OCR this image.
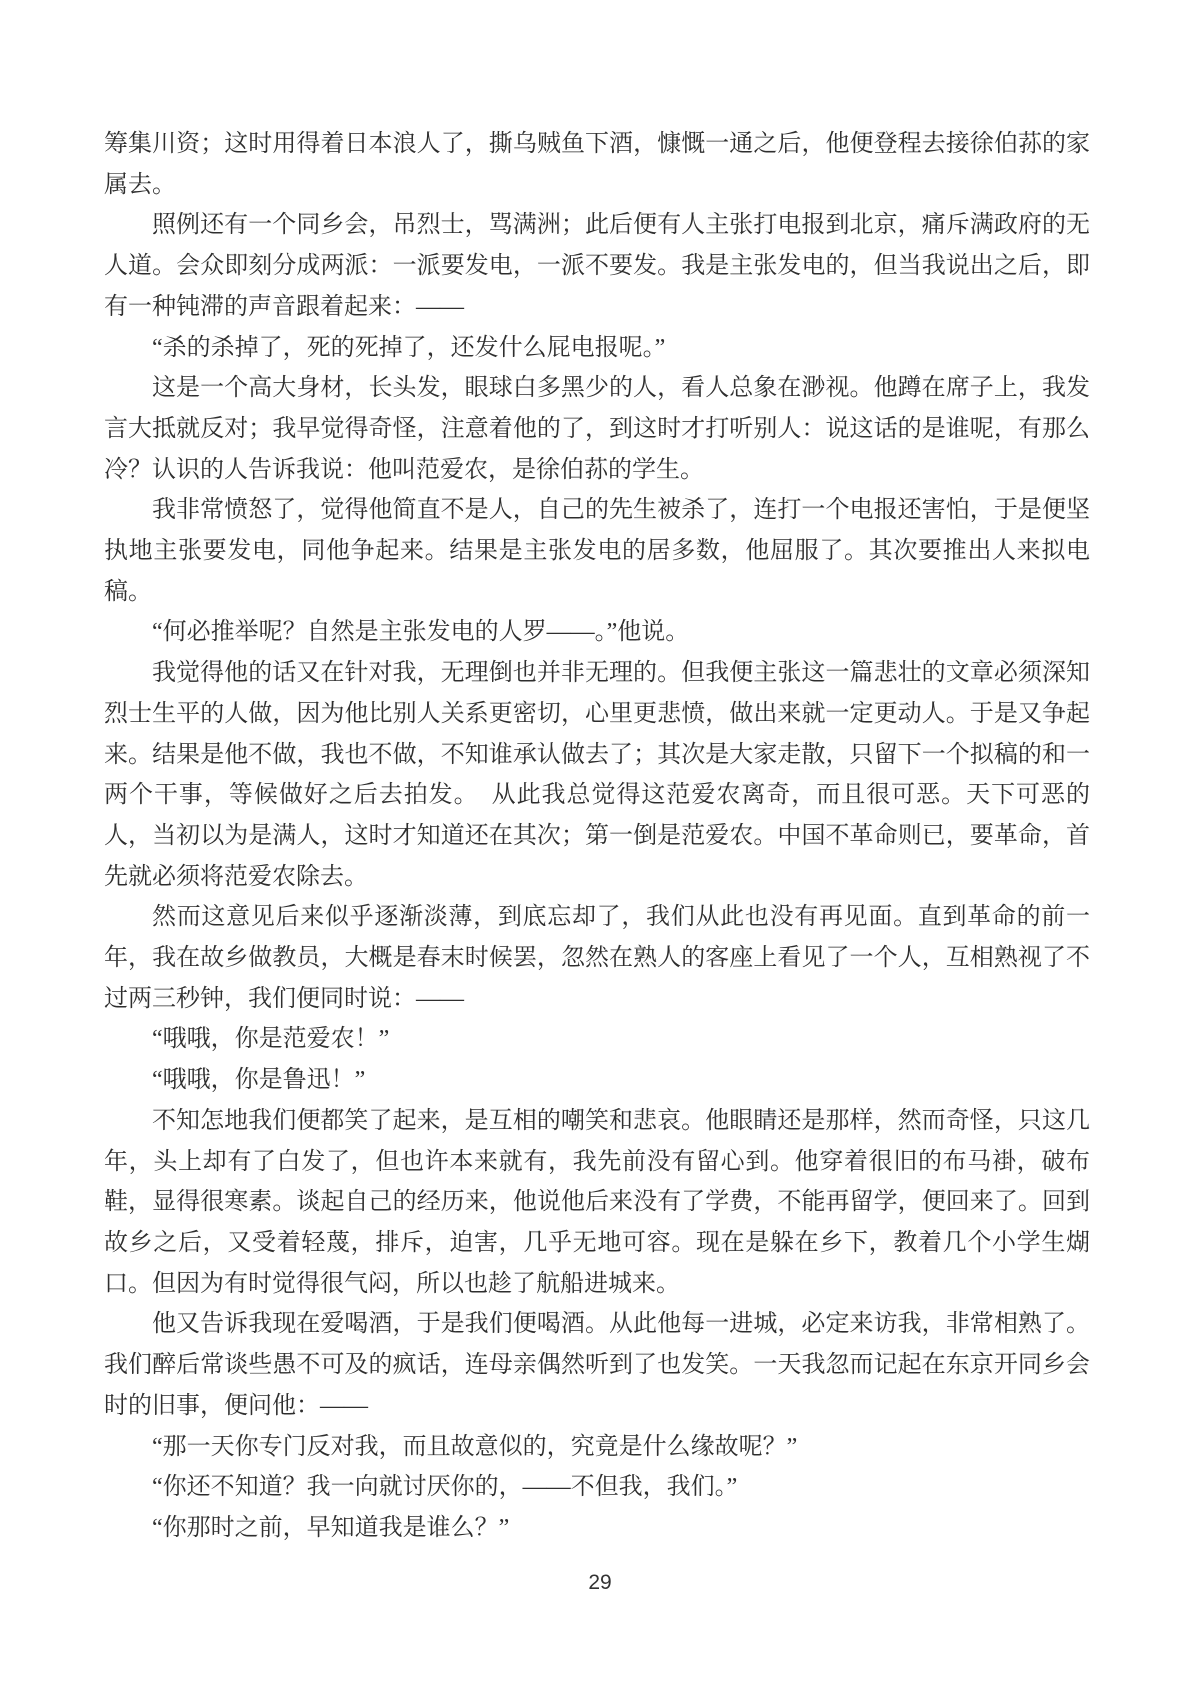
筹集川资；这时用得着日本浪人了，撕乌贼鱼下酒，慷慨一通之后，他便登程去接徐伯荪的家属去。

照例还有一个同乡会，吊烈士，骂满洲；此后便有人主张打电报到北京，痛斥满政府的无人道。会众即刻分成两派：一派要发电，一派不要发。我是主张发电的，但当我说出之后，即有一种钝滞的声音跟着起来：——

“杀的杀掉了，死的死掉了，还发什么屁电报呢。”

这是一个高大身材，长头发，眼球白多黑少的人，看人总象在渺视。他蹲在席子上，我发言大抵就反对；我早觉得奇怪，注意着他的了，到这时才打听别人：说这话的是谁呢，有那么冷？认识的人告诉我说：他叫范爱农，是徐伯荪的学生。

我非常愤怒了，觉得他简直不是人，自己的先生被杀了，连打一个电报还害怕，于是便坚执地主张要发电，同他争起来。结果是主张发电的居多数，他屈服了。其次要推出人来拟电稿。

“何必推举呢？自然是主张发电的人罗——。”他说。

我觉得他的话又在针对我，无理倒也并非无理的。但我便主张这一篇悲壮的文章必须深知烈士生平的人做，因为他比别人关系更密切，心里更悲愤，做出来就一定更动人。于是又争起来。结果是他不做，我也不做，不知谁承认做去了；其次是大家走散，只留下一个拟稿的和一两个干事，等候做好之后去拍发。　从此我总觉得这范爱农离奇，而且很可恶。天下可恶的人，当初以为是满人，这时才知道还在其次；第一倒是范爱农。中国不革命则已，要革命，首先就必须将范爱农除去。

然而这意见后来似乎逐渐淡薄，到底忘却了，我们从此也没有再见面。直到革命的前一年，我在故乡做教员，大概是春末时候罢，忽然在熟人的客座上看见了一个人，互相熟视了不过两三秒钟，我们便同时说：——

“哦哦，你是范爱农！”

“哦哦，你是鲁迅！”

不知怎地我们便都笑了起来，是互相的嘲笑和悲哀。他眼睛还是那样，然而奇怪，只这几年，头上却有了白发了，但也许本来就有，我先前没有留心到。他穿着很旧的布马褂，破布鞋，显得很寒素。谈起自己的经历来，他说他后来没有了学费，不能再留学，便回来了。回到故乡之后，又受着轻蔑，排斥，迫害，几乎无地可容。现在是躲在乡下，教着几个小学生煳口。但因为有时觉得很气闷，所以也趁了航船进城来。

他又告诉我现在爱喝酒，于是我们便喝酒。从此他每一进城，必定来访我，非常相熟了。我们醉后常谈些愚不可及的疯话，连母亲偶然听到了也发笑。一天我忽而记起在东京开同乡会时的旧事，便问他：——

“那一天你专门反对我，而且故意似的，究竟是什么缘故呢？”

“你还不知道？我一向就讨厌你的，——不但我，我们。”

“你那时之前，早知道我是谁么？”

29
